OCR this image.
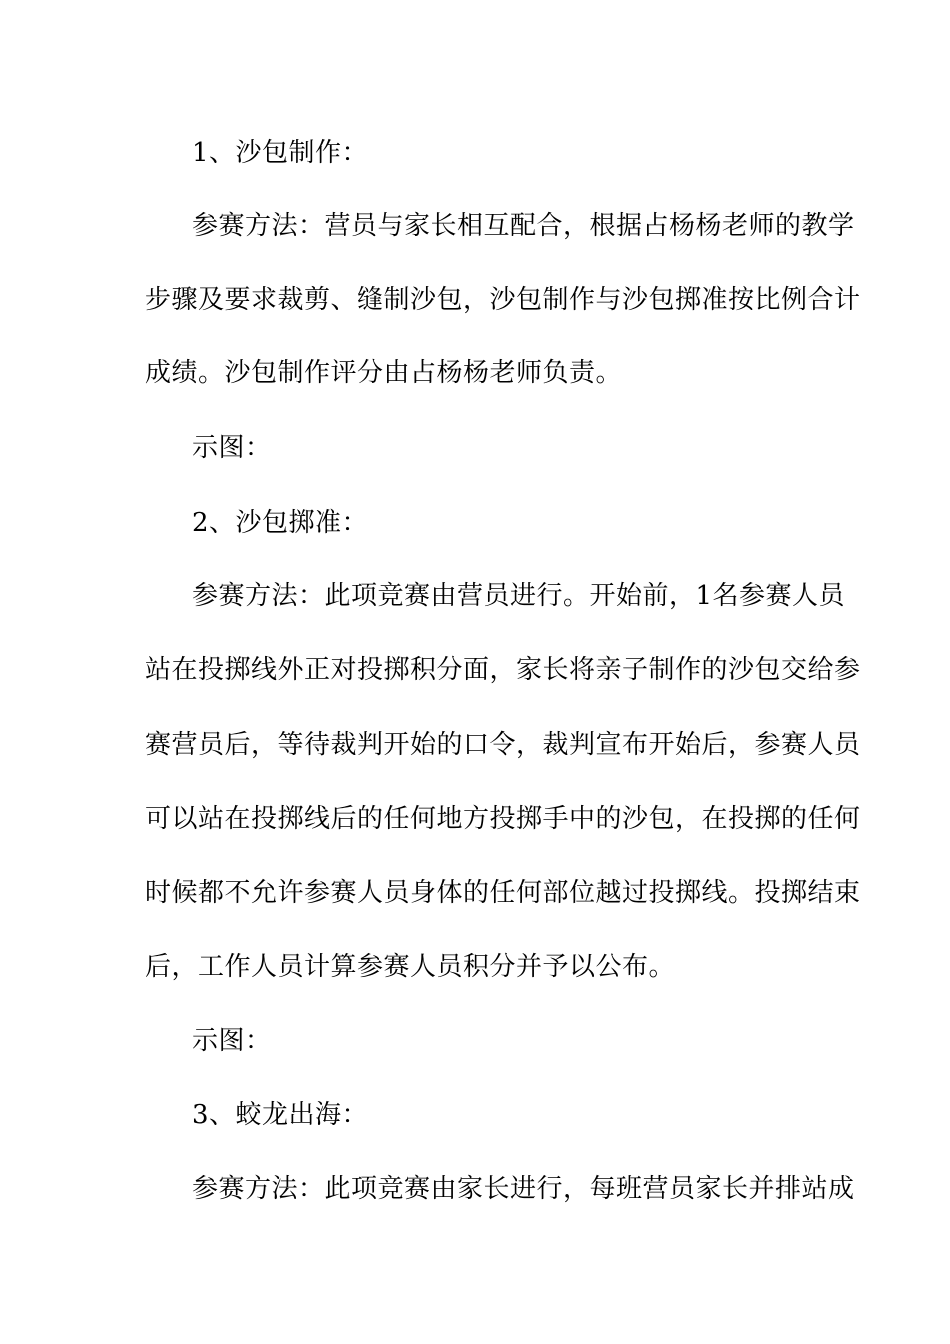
1、沙包制作：
参赛方法：营员与家长相互配合，根据占杨杨老师的教学
步骤及要求裁剪、缝制沙包，沙包制作与沙包掷准按比例合计
成绩。沙包制作评分由占杨杨老师负责。
示图：
2、沙包掷准：
参赛方法：此项竞赛由营员进行。开始前，1名参赛人员
站在投掷线外正对投掷积分面，家长将亲子制作的沙包交给参
赛营员后，等待裁判开始的口令，裁判宣布开始后，参赛人员
可以站在投掷线后的任何地方投掷手中的沙包，在投掷的任何
时候都不允许参赛人员身体的任何部位越过投掷线。投掷结束
后，工作人员计算参赛人员积分并予以公布。
示图：
3、蛟龙出海：
参赛方法：此项竞赛由家长进行，每班营员家长并排站成
